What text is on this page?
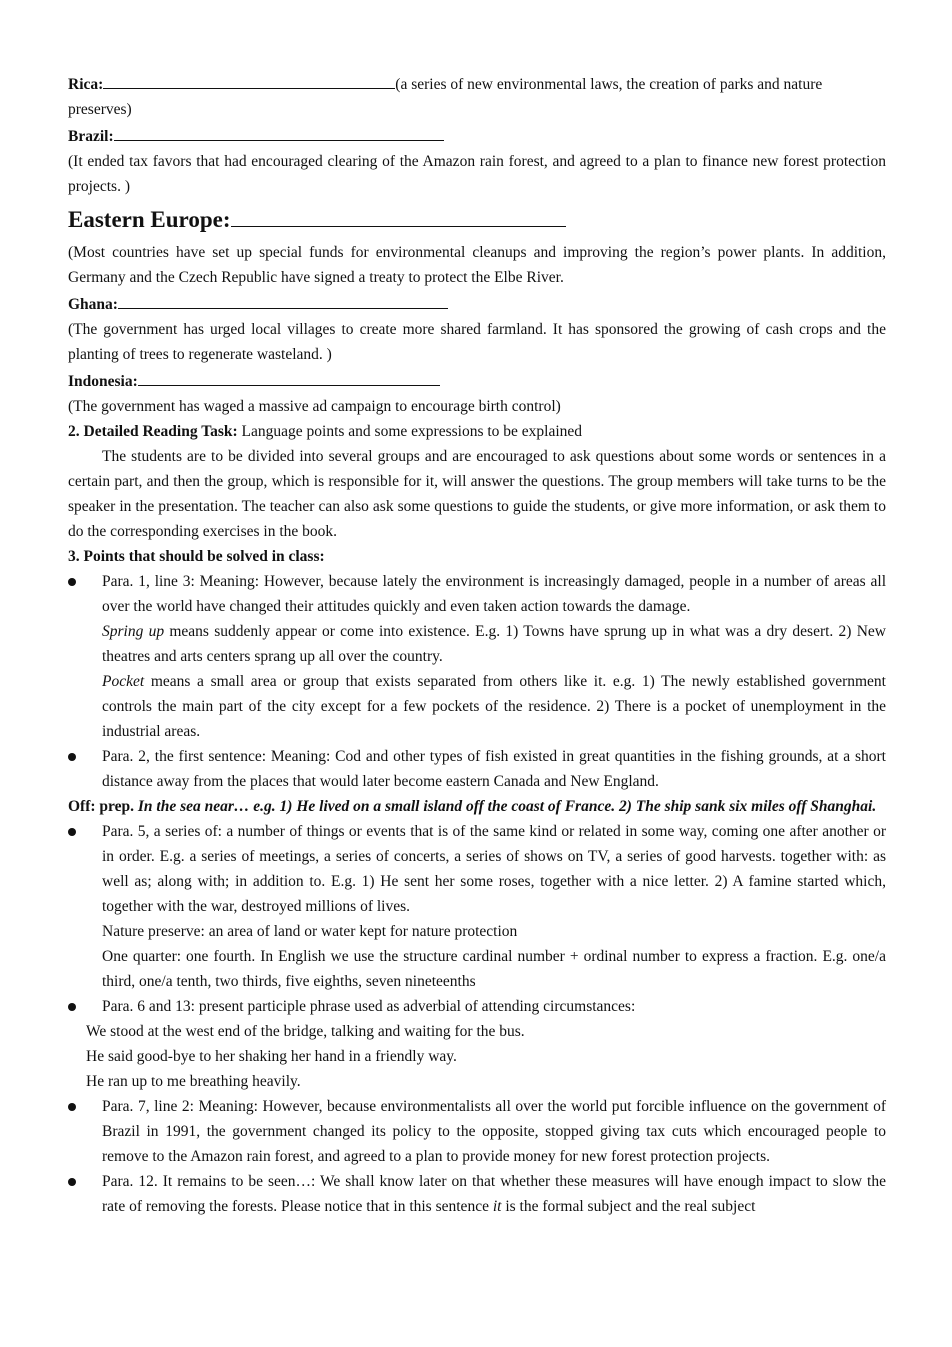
Rica:	(a series of new environmental laws, the creation of parks and nature preserves)
Brazil:
(It ended tax favors that had encouraged clearing of the Amazon rain forest, and agreed to a plan to finance new forest protection projects. )
Eastern Europe:
(Most countries have set up special funds for environmental cleanups and improving the region’s power plants. In addition, Germany and the Czech Republic have signed a treaty to protect the Elbe River.
Ghana:
(The government has urged local villages to create more shared farmland. It has sponsored the growing of cash crops and the planting of trees to regenerate wasteland. )
Indonesia:
(The government has waged a massive ad campaign to encourage birth control)
2. Detailed Reading Task: Language points and some expressions to be explained
The students are to be divided into several groups and are encouraged to ask questions about some words or sentences in a certain part, and then the group, which is responsible for it, will answer the questions. The group members will take turns to be the speaker in the presentation. The teacher can also ask some questions to guide the students, or give more information, or ask them to do the corresponding exercises in the book.
3. Points that should be solved in class:
Para. 1, line 3: Meaning: However, because lately the environment is increasingly damaged, people in a number of areas all over the world have changed their attitudes quickly and even taken action towards the damage.
Spring up means suddenly appear or come into existence. E.g. 1) Towns have sprung up in what was a dry desert. 2) New theatres and arts centers sprang up all over the country.
Pocket means a small area or group that exists separated from others like it. e.g. 1) The newly established government controls the main part of the city except for a few pockets of the residence. 2) There is a pocket of unemployment in the industrial areas.
Para. 2, the first sentence: Meaning: Cod and other types of fish existed in great quantities in the fishing grounds, at a short distance away from the places that would later become eastern Canada and New England.
Off: prep. In the sea near… e.g. 1) He lived on a small island off the coast of France. 2) The ship sank six miles off Shanghai.
Para. 5, a series of: a number of things or events that is of the same kind or related in some way, coming one after another or in order. E.g. a series of meetings, a series of concerts, a series of shows on TV, a series of good harvests. together with: as well as; along with; in addition to. E.g. 1) He sent her some roses, together with a nice letter. 2) A famine started which, together with the war, destroyed millions of lives.
Nature preserve: an area of land or water kept for nature protection
One quarter: one fourth. In English we use the structure cardinal number + ordinal number to express a fraction. E.g. one/a third, one/a tenth, two thirds, five eighths, seven nineteenths
Para. 6 and 13: present participle phrase used as adverbial of attending circumstances:
We stood at the west end of the bridge, talking and waiting for the bus.
He said good-bye to her shaking her hand in a friendly way.
He ran up to me breathing heavily.
Para. 7, line 2: Meaning: However, because environmentalists all over the world put forcible influence on the government of Brazil in 1991, the government changed its policy to the opposite, stopped giving tax cuts which encouraged people to remove to the Amazon rain forest, and agreed to a plan to provide money for new forest protection projects.
Para. 12. It remains to be seen…: We shall know later on that whether these measures will have enough impact to slow the rate of removing the forests. Please notice that in this sentence it is the formal subject and the real subject
